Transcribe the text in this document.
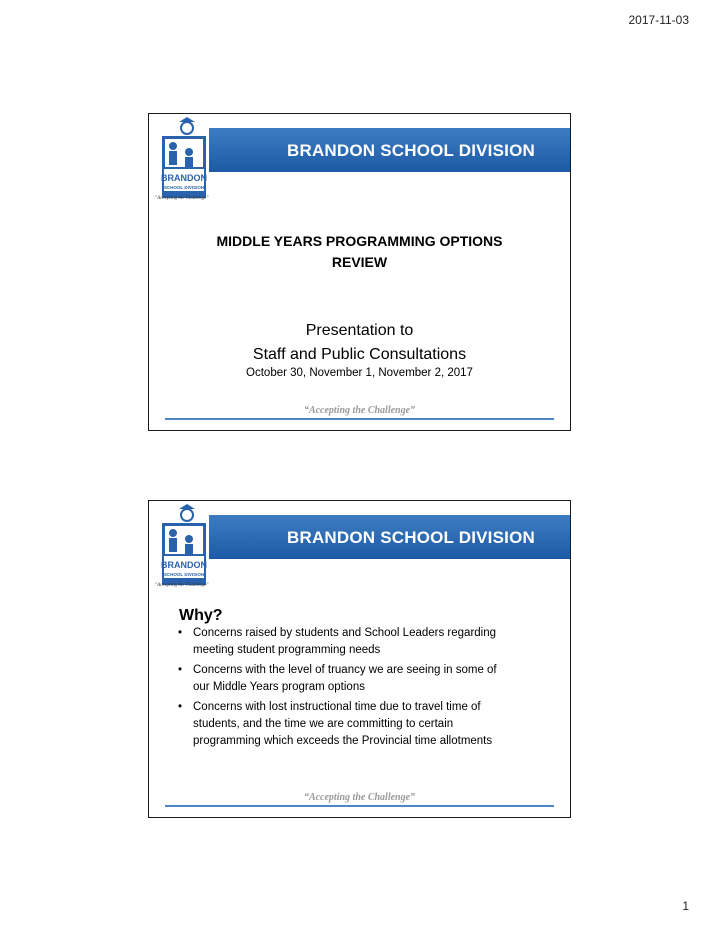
2017-11-03
BRANDON SCHOOL DIVISION
BRANDON
SCHOOL DIVISION
"Accepting the Challenge"
MIDDLE YEARS PROGRAMMING OPTIONS
REVIEW
Presentation to
Staff and Public Consultations
October 30, November 1, November 2, 2017
“Accepting the Challenge”
BRANDON SCHOOL DIVISION
BRANDON
SCHOOL DIVISION
"Accepting the Challenge"
Why?
• Concerns raised by students and School Leaders regarding meeting student programming needs
• Concerns with the level of truancy we are seeing in some of our Middle Years program options
• Concerns with lost instructional time due to travel time of students, and the time we are committing to certain programming which exceeds the Provincial time allotments
“Accepting the Challenge”
1
